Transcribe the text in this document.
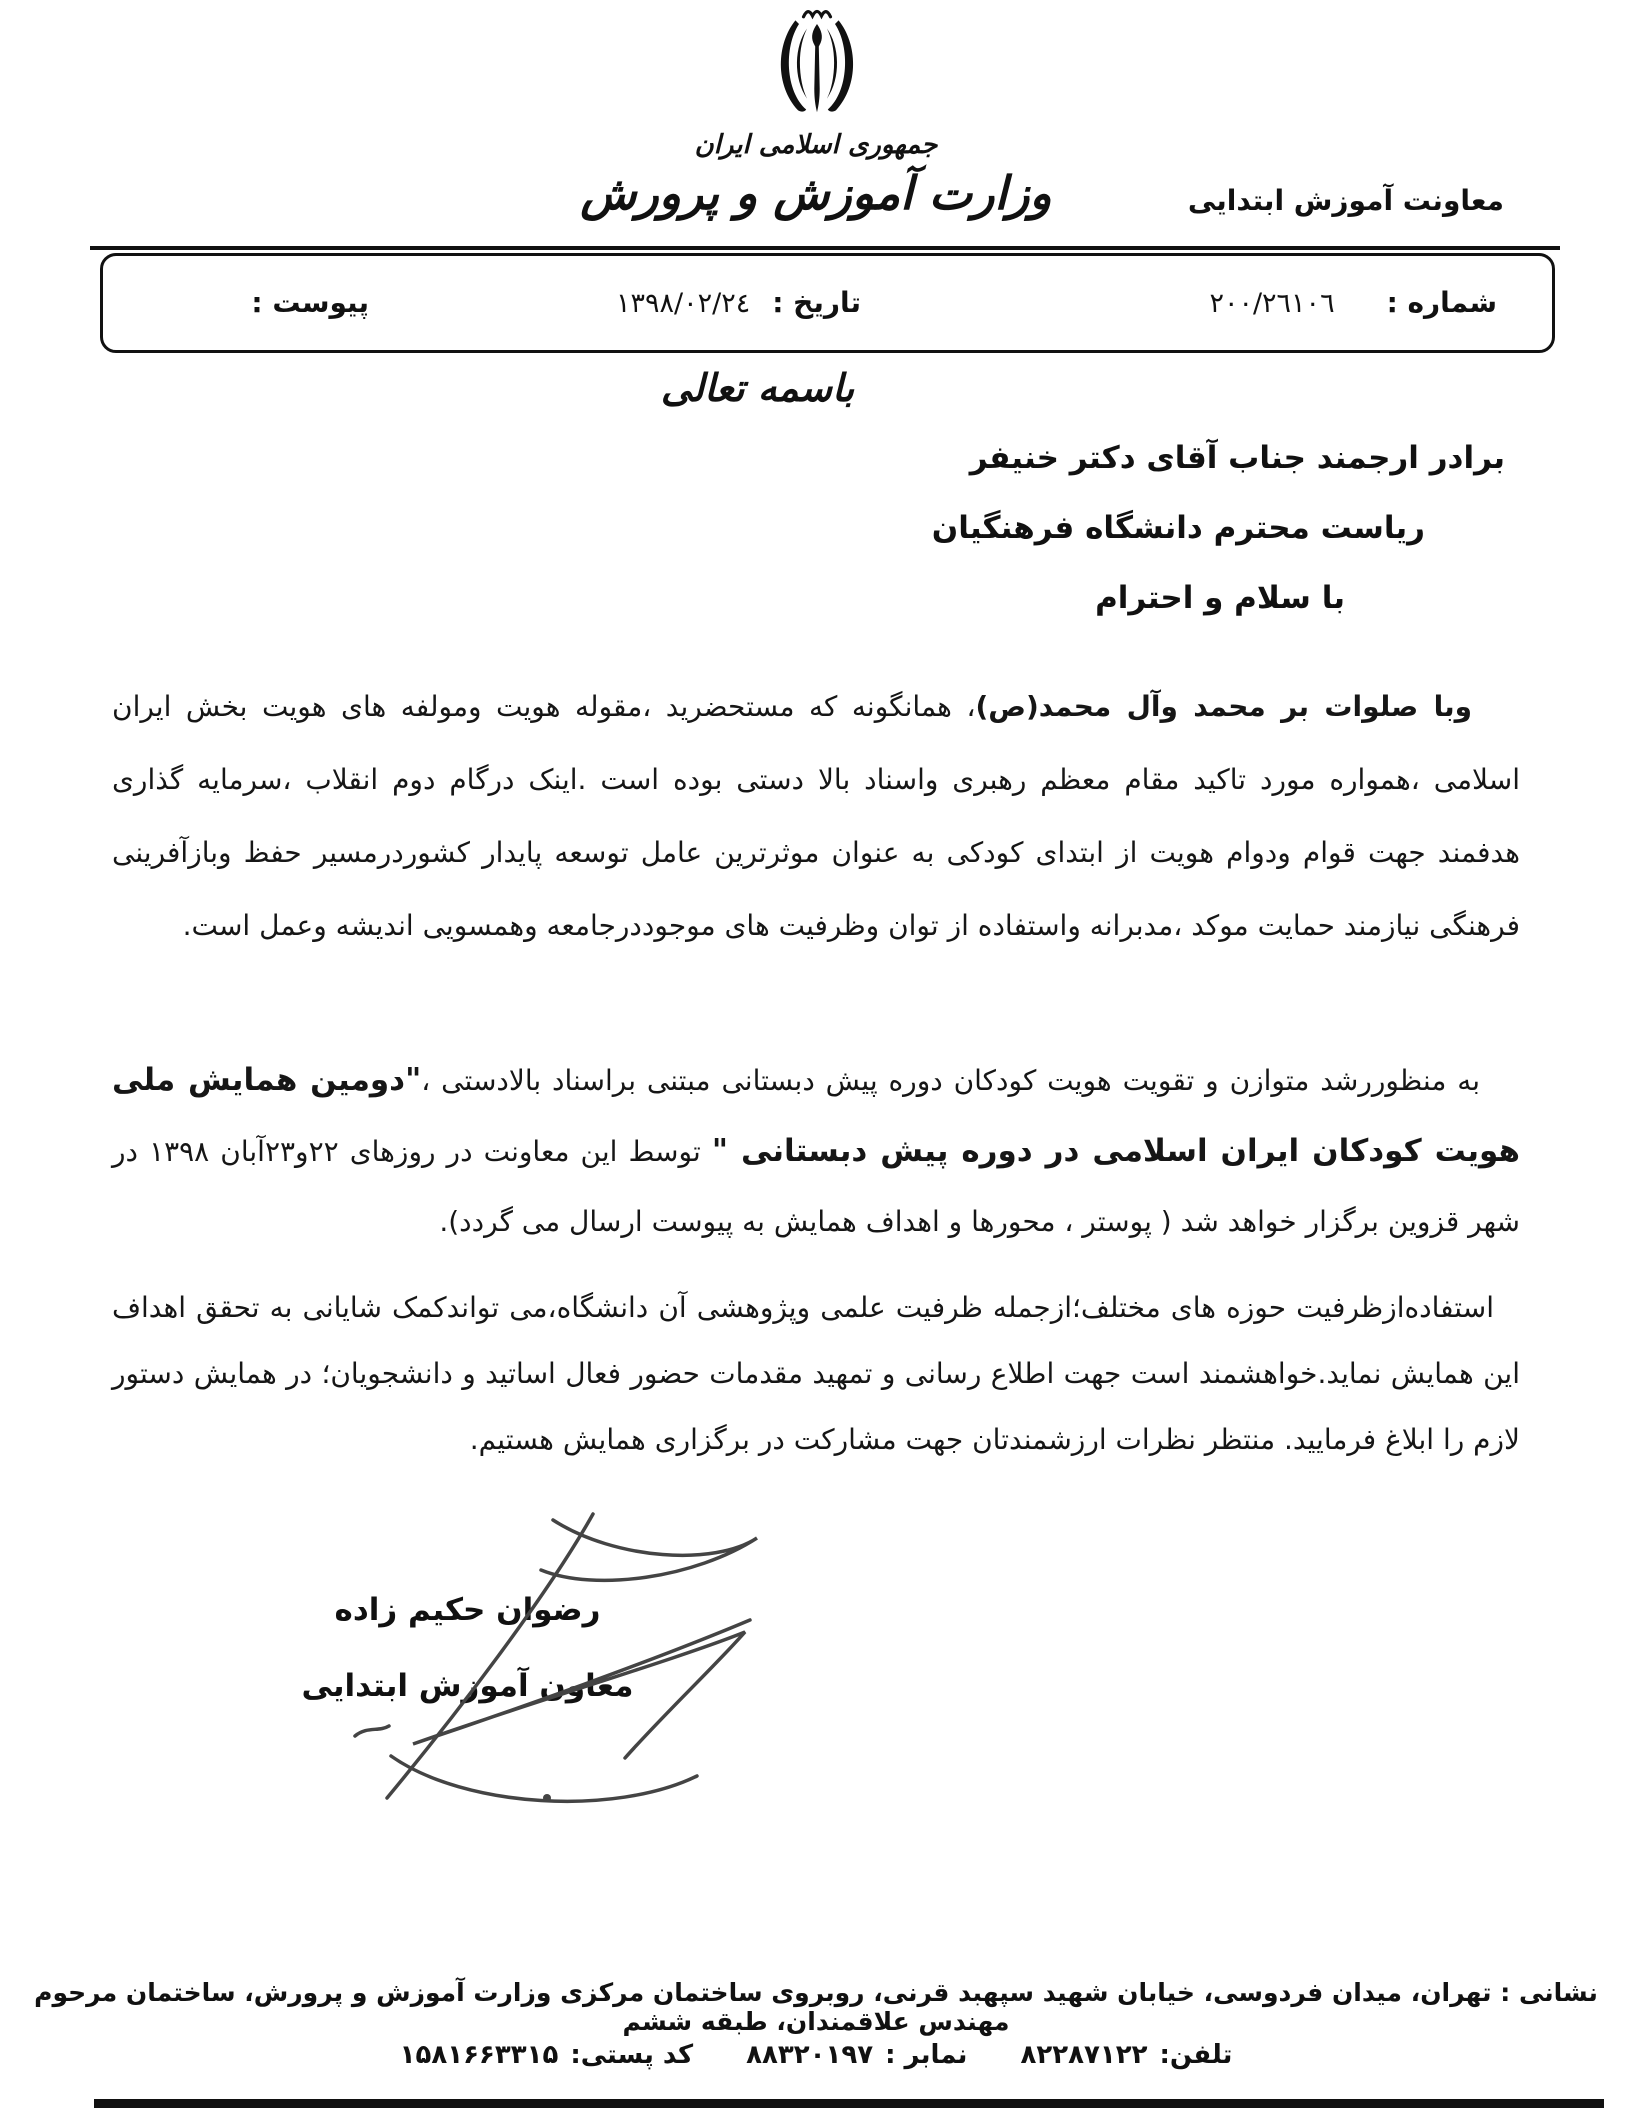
جمهوری اسلامی ایران
وزارت آموزش و پرورش	معاونت آموزش ابتدایی
شماره :
٢٠٠/٢٦١٠٦
تاریخ :
١٣٩٨/٠٢/٢٤
پیوست :
باسمه تعالی
برادر ارجمند جناب آقای دکتر خنیفر
ریاست محترم دانشگاه فرهنگیان
با سلام و احترام

وبا صلوات بر محمد وآل محمد(ص)، همانگونه که مستحضرید ،مقوله هویت ومولفه های هویت بخش ایران اسلامی ،همواره مورد تاکید مقام معظم رهبری واسناد بالا دستی بوده است .اینک درگام دوم انقلاب ،سرمایه گذاری هدفمند جهت قوام ودوام هویت از ابتدای کودکی به عنوان موثرترین عامل توسعه پایدار کشوردرمسیر حفظ وبازآفرینی فرهنگی نیازمند حمایت موکد ،مدبرانه واستفاده از توان وظرفیت های موجوددرجامعه وهمسویی اندیشه وعمل است.

به منظوررشد متوازن و تقویت هویت کودکان دوره پیش دبستانی مبتنی براسناد بالادستی ،"دومین همایش ملی هویت کودکان ایران اسلامی در دوره پیش دبستانی " توسط این معاونت در روزهای ۲۲و۲۳آبان ۱۳۹۸ در شهر قزوین برگزار خواهد شد ( پوستر ، محورها و اهداف همایش به پیوست ارسال می گردد).

استفاده‌ازظرفیت حوزه های مختلف؛ازجمله ظرفیت علمی وپژوهشی آن دانشگاه،می تواندکمک شایانی به تحقق اهداف این همایش نماید.خواهشمند است جهت اطلاع رسانی و تمهید مقدمات حضور فعال اساتید و دانشجویان؛ در همایش دستور لازم را ابلاغ فرمایید. منتظر نظرات ارزشمندتان جهت مشارکت در برگزاری همایش هستیم.

رضوان حکیم زاده
معاون آموزش ابتدایی
نشانی : تهران، میدان فردوسی، خیابان شهید سپهبد قرنی، روبروی ساختمان مرکزی وزارت آموزش و پرورش، ساختمان مرحوم مهندس علاقمندان، طبقه ششم
تلفن:
۸۲۲۸۷۱۲۲

نمابر :
۸۸۳۲۰۱۹۷

کد پستی:
۱۵۸۱۶۶۳۳۱۵
